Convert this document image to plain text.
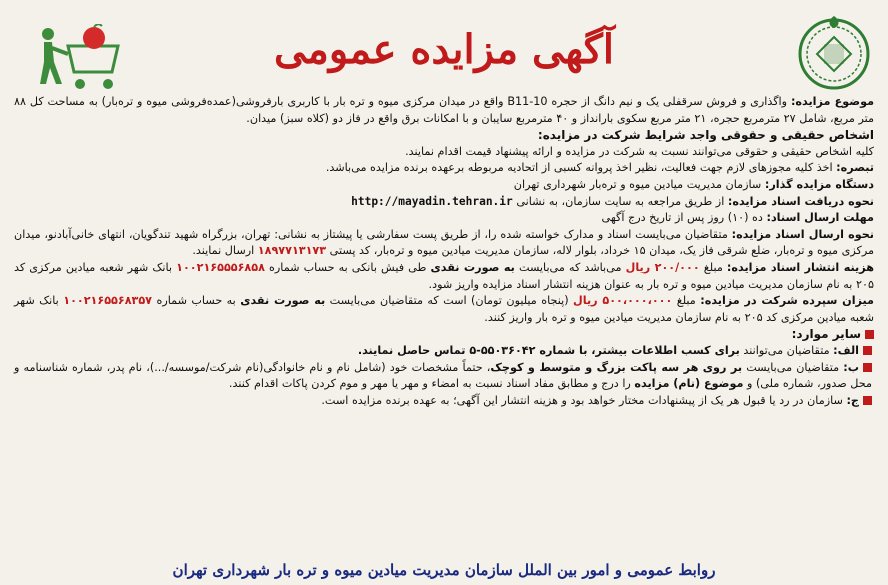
آگهی مزایده عمومی

موضوع مزایده: واگذاری و فروش سرقفلی یک و نیم دانگ از حجره B11-10 واقع در میدان مرکزی میوه و تره بار با کاربری بارفروشی(عمده‌فروشی میوه و تره‌بار) به مساحت کل ۸۸ متر مربع، شامل ۲۷ مترمربع حجره، ۲۱ متر مربع سکوی بارانداز و ۴۰ مترمربع سایبان و با امکانات برق واقع در فاز دو (کلاه سبز) میدان.

اشخاص حقیقی و حقوقی واجد شرایط شرکت در مزایده:

کلیه اشخاص حقیقی و حقوقی می‌توانند نسبت به شرکت در مزایده و ارائه پیشنهاد قیمت اقدام نمایند.

تبصره: اخذ کلیه مجوزهای لازم جهت فعالیت، نظیر اخذ پروانه کسبی از اتحادیه مربوطه برعهده برنده مزایده می‌باشد.

دستگاه مزایده گذار: سازمان مدیریت میادین میوه و تره‌بار شهرداری تهران

نحوه دریافت اسناد مزایده: از طریق مراجعه به سایت سازمان، به نشانی http://mayadin.tehran.ir

مهلت ارسال اسناد: ده (۱۰) روز پس از تاریخ درج آگهی

نحوه ارسال اسناد مزایده: متقاضیان می‌بایست اسناد و مدارک خواسته شده را، از طریق پست سفارشی یا پیشتاز به نشانی: تهران، بزرگراه شهید تندگویان، انتهای خانی‌آبادنو، میدان مرکزی میوه و تره‌بار، ضلع شرقی فاز یک، میدان ۱۵ خرداد، بلوار لاله، سازمان مدیریت میادین میوه و تره‌بار، کد پستی ۱۸۹۷۷۱۳۱۷۳ ارسال نمایند.

هزینه انتشار اسناد مزایده: مبلغ ۲۰۰/۰۰۰ ریال می‌باشد که می‌بایست به صورت نقدی طی فیش بانکی به حساب شماره ۱۰۰۲۱۶۵۵۵۶۸۵۸ بانک شهر شعبه میادین مرکزی کد ۲۰۵ به نام سازمان مدیریت میادین میوه و تره بار به عنوان هزینه انتشار اسناد مزایده واریز شود.

میزان سپرده شرکت در مزایده: مبلغ ۵۰۰،۰۰۰،۰۰۰ ریال (پنجاه میلیون تومان) است که متقاضیان می‌بایست به صورت نقدی به حساب شماره ۱۰۰۲۱۶۵۵۶۸۳۵۷ بانک شهر شعبه میادین مرکزی کد ۲۰۵ به نام سازمان مدیریت میادین میوه و تره بار واریز کنند.

سایر موارد:

الف: متقاضیان می‌توانند برای کسب اطلاعات بیشتر، با شماره ۵۵۰۳۶۰۴۲-۵ تماس حاصل نمایند.

ب: متقاضیان می‌بایست بر روی هر سه پاکت بزرگ و متوسط و کوچک، حتماً مشخصات خود (شامل نام و نام خانوادگی(نام شرکت/موسسه/...)، نام پدر، شماره شناسنامه و محل صدور، شماره ملی) و موضوع (نام) مزایده را درج و مطابق مفاد اسناد نسبت به امضاء و مهر یا مهر و موم کردن پاکات اقدام کنند.

ج: سازمان در رد یا قبول هر یک از پیشنهادات مختار خواهد بود و هزینه انتشار این آگهی؛ به عهده برنده مزایده است.

روابط عمومی و امور بین الملل سازمان مدیریت میادین میوه و تره بار شهرداری تهران
